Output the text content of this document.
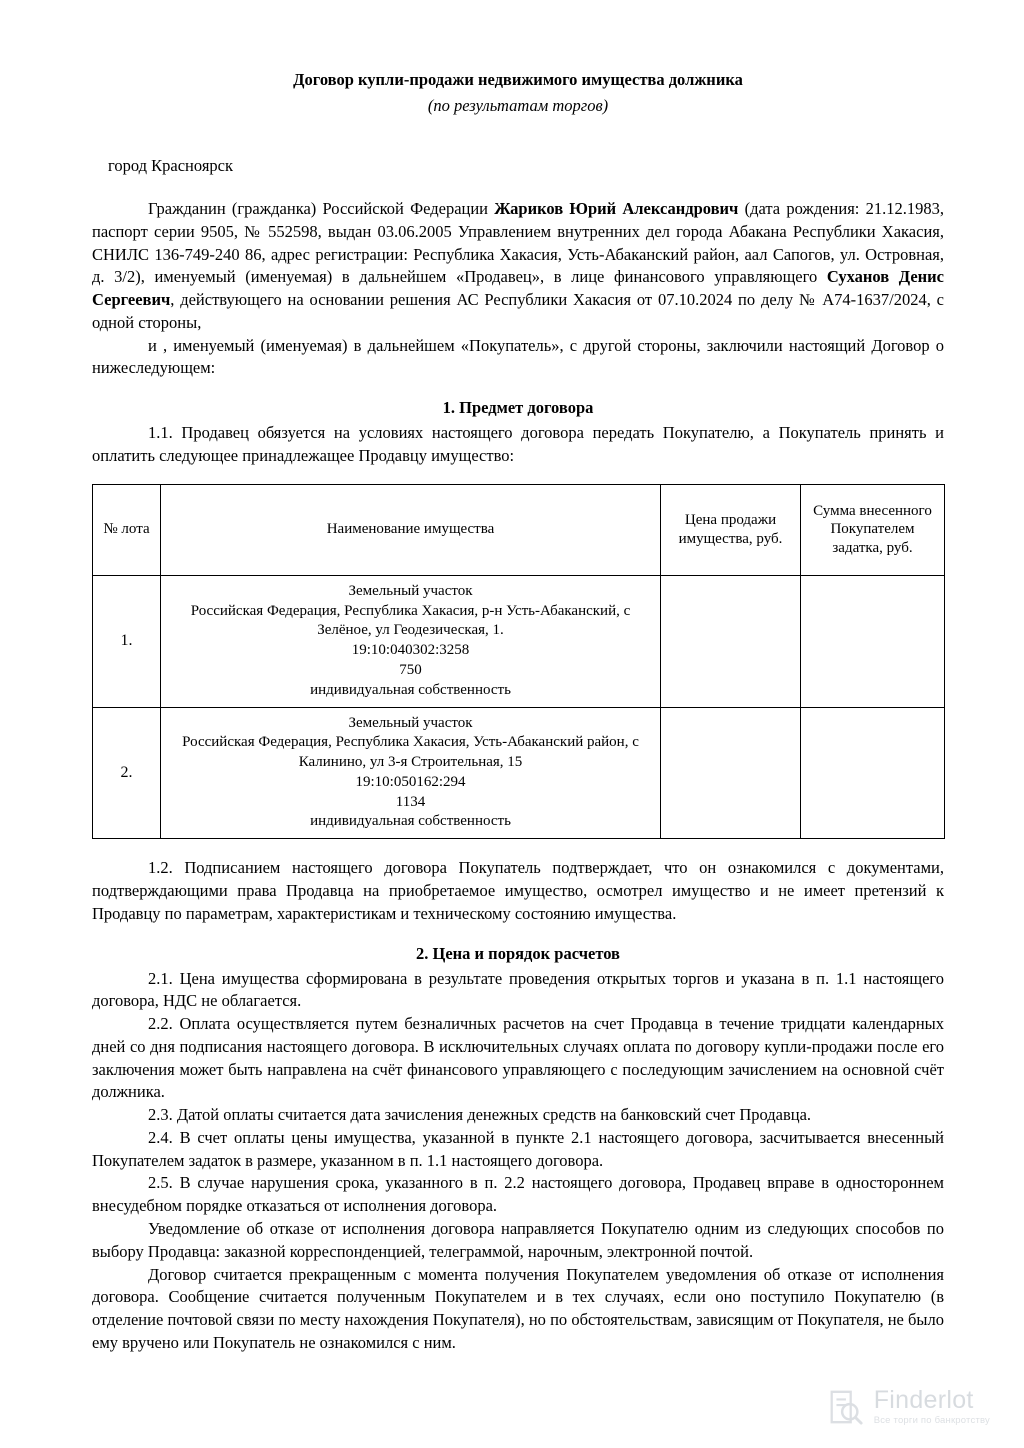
Договор купли-продажи недвижимого имущества должника
(по результатам торгов)
город Красноярск

Гражданин (гражданка) Российской Федерации Жариков Юрий Александрович (дата рождения: 21.12.1983, паспорт серии 9505, № 552598, выдан 03.06.2005 Управлением внутренних дел города Абакана Республики Хакасия, СНИЛС 136-749-240 86, адрес регистрации: Республика Хакасия, Усть-Абаканский район, аал Сапогов, ул. Островная, д. 3/2), именуемый (именуемая) в дальнейшем «Продавец», в лице финансового управляющего Суханов Денис Сергеевич, действующего на основании решения АС Республики Хакасия от 07.10.2024 по делу № А74-1637/2024, с одной стороны,

и , именуемый (именуемая) в дальнейшем «Покупатель», с другой стороны, заключили настоящий Договор о нижеследующем:

1. Предмет договора

1.1. Продавец обязуется на условиях настоящего договора передать Покупателю, а Покупатель принять и оплатить следующее принадлежащее Продавцу имущество:

№ лота	Наименование имущества	Цена продажи имущества, руб.	Сумма внесенного Покупателем задатка, руб.
1.	Земельный участок
Российская Федерация, Республика Хакасия, р-н Усть-Абаканский, с Зелёное, ул Геодезическая, 1.
19:10:040302:3258
750
индивидуальная собственность		

2.	Земельный участок
Российская Федерация, Республика Хакасия, Усть-Абаканский район, с Калинино, ул 3-я Строительная, 15
19:10:050162:294
1134
индивидуальная собственность		

1.2. Подписанием настоящего договора Покупатель подтверждает, что он ознакомился с документами, подтверждающими права Продавца на приобретаемое имущество, осмотрел имущество и не имеет претензий к Продавцу по параметрам, характеристикам и техническому состоянию имущества.

2. Цена и порядок расчетов

2.1. Цена имущества сформирована в результате проведения открытых торгов и указана в п. 1.1 настоящего договора, НДС не облагается.

2.2. Оплата осуществляется путем безналичных расчетов на счет Продавца в течение тридцати календарных дней со дня подписания настоящего договора. В исключительных случаях оплата по договору купли-продажи после его заключения может быть направлена на счёт финансового управляющего с последующим зачислением на основной счёт должника.

2.3. Датой оплаты считается дата зачисления денежных средств на банковский счет Продавца.

2.4. В счет оплаты цены имущества, указанной в пункте 2.1 настоящего договора, засчитывается внесенный Покупателем задаток в размере, указанном в п. 1.1 настоящего договора.

2.5. В случае нарушения срока, указанного в п. 2.2 настоящего договора, Продавец вправе в одностороннем внесудебном порядке отказаться от исполнения договора.

Уведомление об отказе от исполнения договора направляется Покупателю одним из следующих способов по выбору Продавца: заказной корреспонденцией, телеграммой, нарочным, электронной почтой.

Договор считается прекращенным с момента получения Покупателем уведомления об отказе от исполнения договора. Сообщение считается полученным Покупателем и в тех случаях, если оно поступило Покупателю (в отделение почтовой связи по месту нахождения Покупателя), но по обстоятельствам, зависящим от Покупателя, не было ему вручено или Покупатель не ознакомился с ним.

Finderlot
Все торги по банкротству
